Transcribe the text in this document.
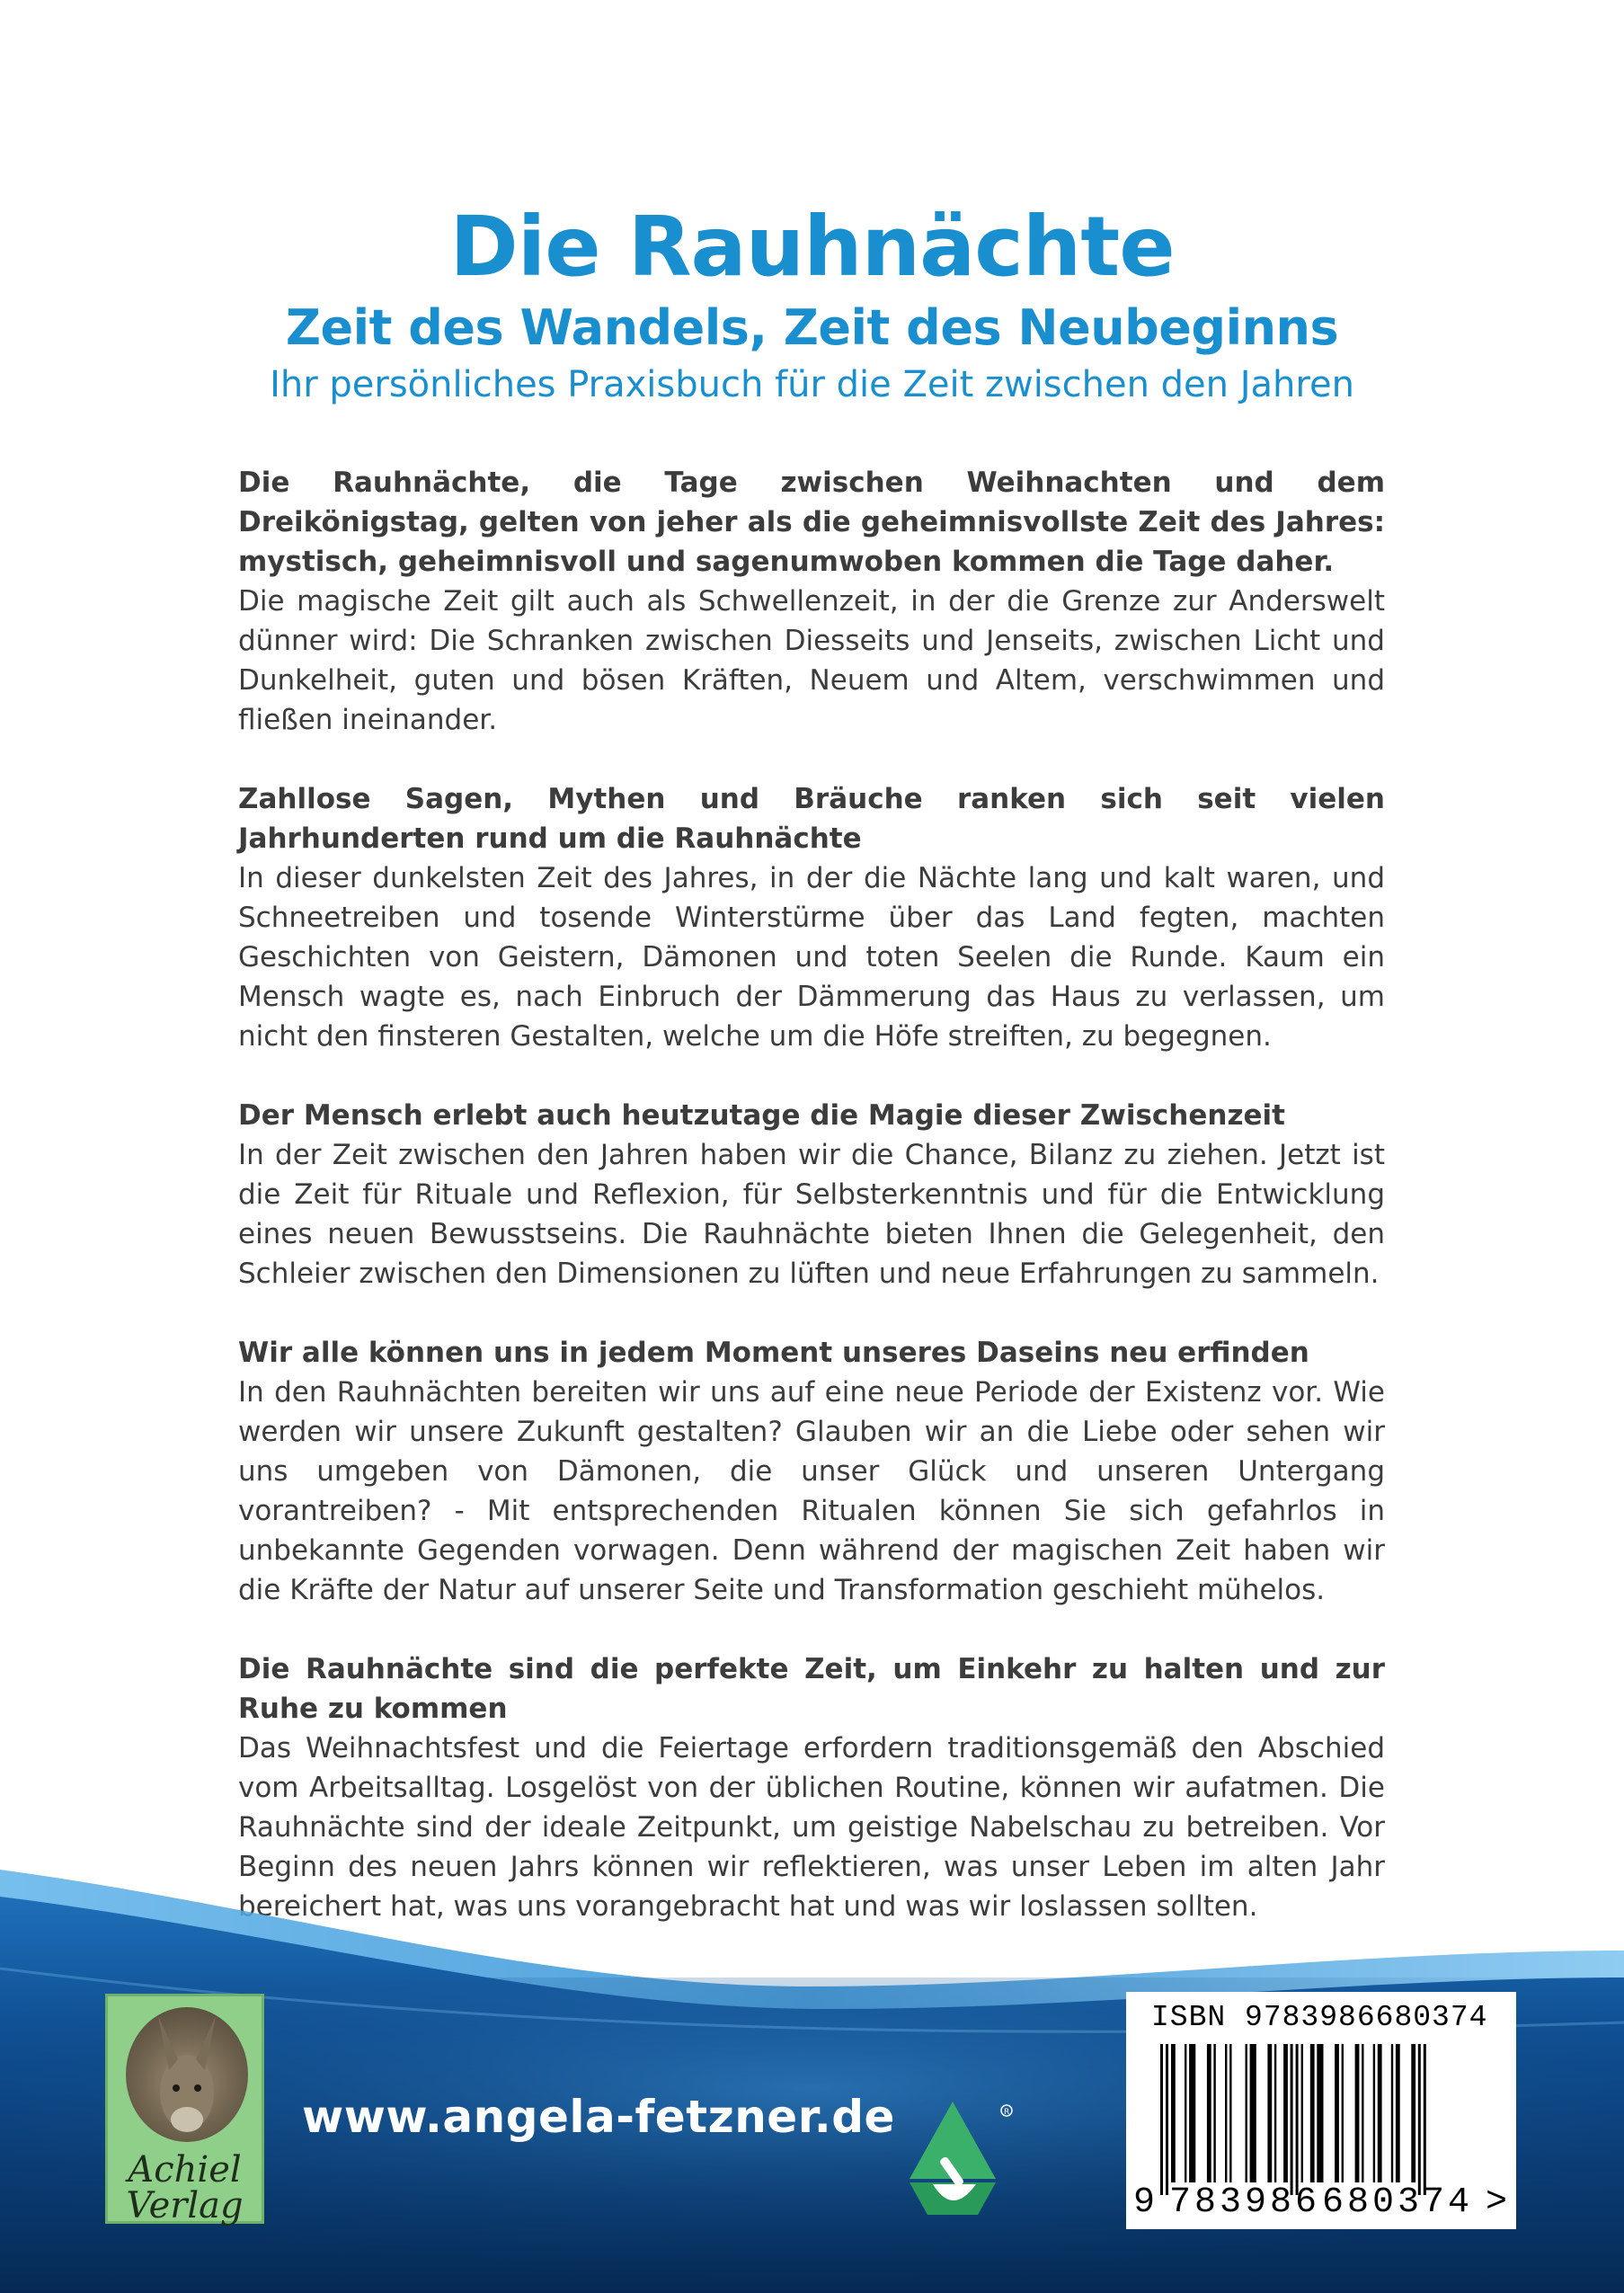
Die Rauhnächte
Zeit des Wandels, Zeit des Neubeginns

Ihr persönliches Praxisbuch für die Zeit zwischen den Jahren

Die Rauhnächte, die Tage zwischen Weihnachten und dem Dreikönigstag, gelten von jeher als die geheimnisvollste Zeit des Jahres: mystisch, geheimnisvoll und sagenumwoben kommen die Tage daher.
Die magische Zeit gilt auch als Schwellenzeit, in der die Grenze zur Anderswelt dünner wird: Die Schranken zwischen Diesseits und Jenseits, zwischen Licht und Dunkelheit, guten und bösen Kräften, Neuem und Altem, verschwimmen und fließen ineinander.
Zahllose Sagen, Mythen und Bräuche ranken sich seit vielen Jahrhunderten rund um die Rauhnächte
In dieser dunkelsten Zeit des Jahres, in der die Nächte lang und kalt waren, und Schneetreiben und tosende Winterstürme über das Land fegten, machten Geschichten von Geistern, Dämonen und toten Seelen die Runde. Kaum ein Mensch wagte es, nach Einbruch der Dämmerung das Haus zu verlassen, um nicht den finsteren Gestalten, welche um die Höfe streiften, zu begegnen.
Der Mensch erlebt auch heutzutage die Magie dieser Zwischenzeit
In der Zeit zwischen den Jahren haben wir die Chance, Bilanz zu ziehen. Jetzt ist die Zeit für Rituale und Reflexion, für Selbsterkenntnis und für die Entwicklung eines neuen Bewusstseins. Die Rauhnächte bieten Ihnen die Gelegenheit, den Schleier zwischen den Dimensionen zu lüften und neue Erfahrungen zu sammeln.
Wir alle können uns in jedem Moment unseres Daseins neu erfinden
In den Rauhnächten bereiten wir uns auf eine neue Periode der Existenz vor. Wie werden wir unsere Zukunft gestalten? Glauben wir an die Liebe oder sehen wir uns umgeben von Dämonen, die unser Glück und unseren Untergang vorantreiben? - Mit entsprechenden Ritualen können Sie sich gefahrlos in unbekannte Gegenden vorwagen. Denn während der magischen Zeit haben wir die Kräfte der Natur auf unserer Seite und Transformation geschieht mühelos.
Die Rauhnächte sind die perfekte Zeit, um Einkehr zu halten und zur Ruhe zu kommen
Das Weihnachtsfest und die Feiertage erfordern traditionsgemäß den Abschied vom Arbeitsalltag. Losgelöst von der üblichen Routine, können wir aufatmen. Die Rauhnächte sind der ideale Zeitpunkt, um geistige Nabelschau zu betreiben. Vor Beginn des neuen Jahrs können wir reflektieren, was unser Leben im alten Jahr bereichert hat, was uns vorangebracht hat und was wir loslassen sollten.
Achiel
Verlag
www.angela-fetzner.de	R
ISBN 9783986680374
9 783986 680374 >
